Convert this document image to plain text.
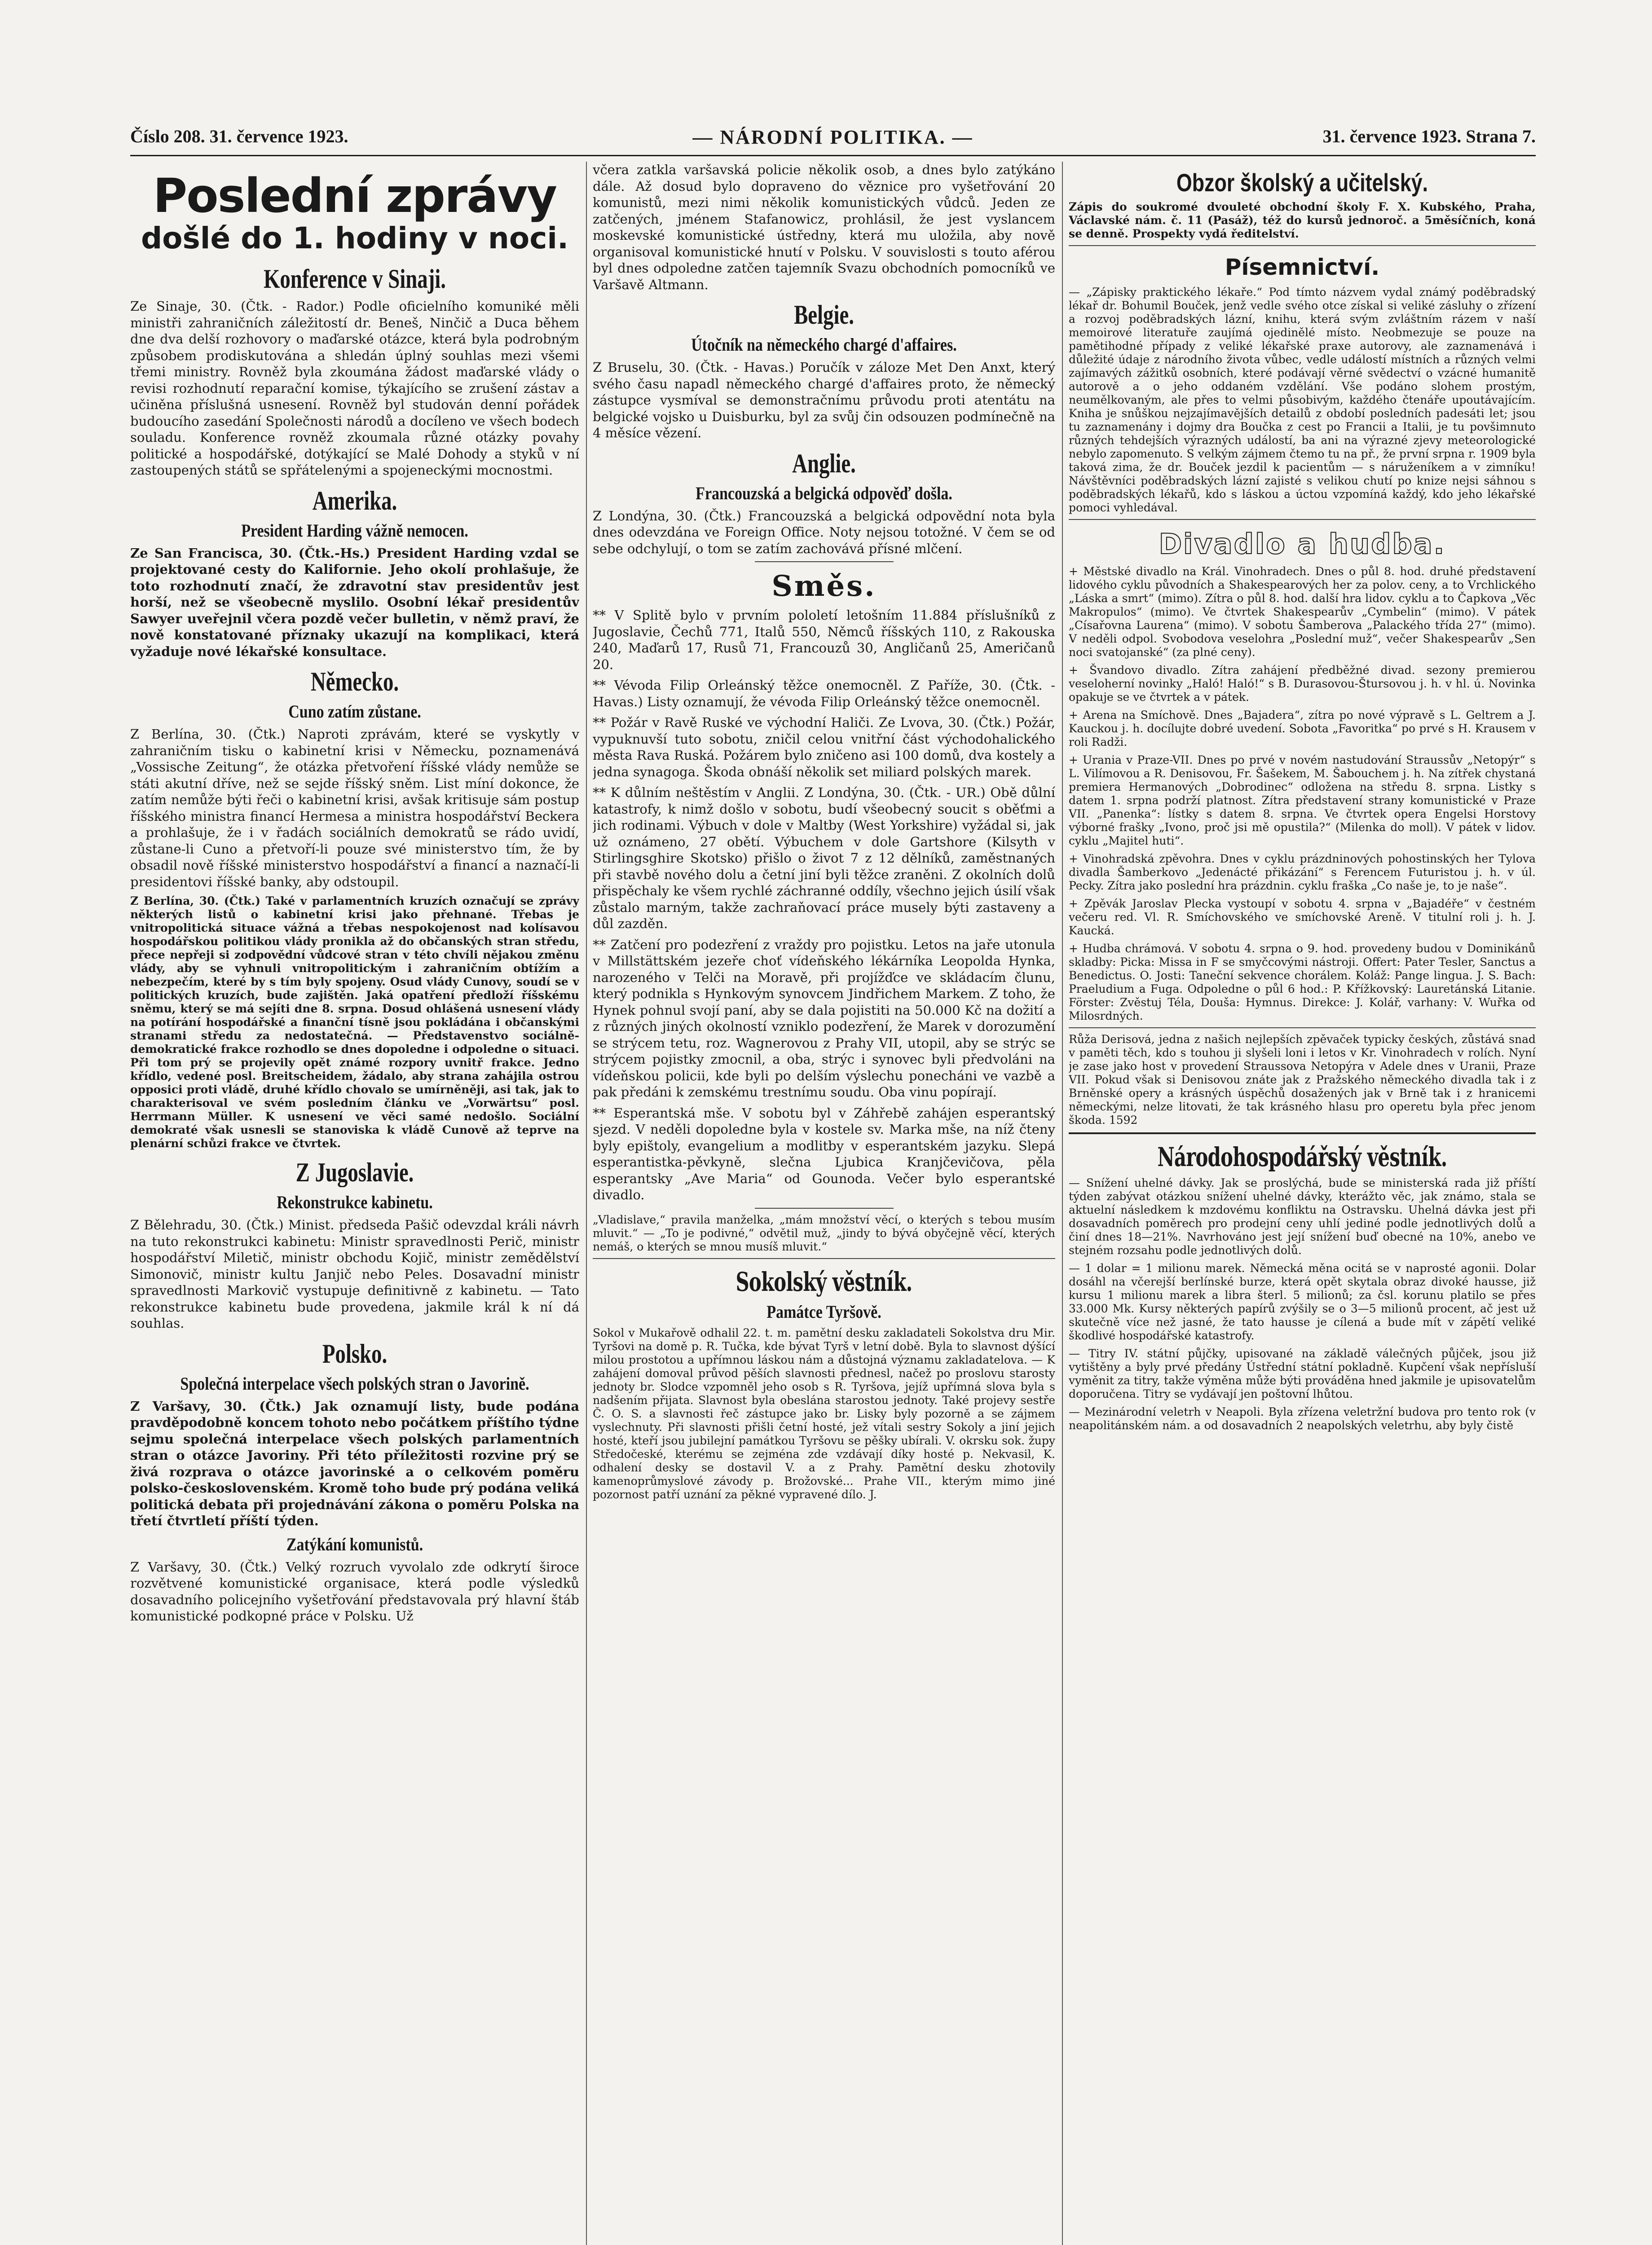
Číslo 208. 31. července 1923.	— NÁRODNÍ POLITIKA. —	31. července 1923. Strana 7.
Poslední zprávy
došlé do 1. hodiny v noci.
Konference v Sinaji.

Ze Sinaje, 30. (Čtk. - Rador.) Podle oficielního komuniké měli ministři zahraničních záležitostí dr. Beneš, Ninčič a Duca během dne dva delší rozhovory o maďarské otázce, která byla podrobným způsobem prodiskutována a shledán úplný souhlas mezi všemi třemi ministry. Rovněž byla zkoumána žádost maďarské vlády o revisi rozhodnutí reparační komise, týkajícího se zrušení zástav a učiněna příslušná usnesení. Rovněž byl studován denní pořádek budoucího zasedání Společnosti národů a docíleno ve všech bodech souladu. Konference rovněž zkoumala různé otázky povahy politické a hospodářské, dotýkající se Malé Dohody a styků v ní zastoupených států se spřátelenými a spojeneckými mocnostmi.

Amerika.
President Harding vážně nemocen.

Ze San Francisca, 30. (Čtk.-Hs.) President Harding vzdal se projektované cesty do Kalifornie. Jeho okolí prohlašuje, že toto rozhodnutí značí, že zdravotní stav presidentův jest horší, než se všeobecně myslilo. Osobní lékař presidentův Sawyer uveřejnil včera pozdě večer bulletin, v němž praví, že nově konstatované příznaky ukazují na komplikaci, která vyžaduje nové lékařské konsultace.

Německo.
Cuno zatím zůstane.

Z Berlína, 30. (Čtk.) Naproti zprávám, které se vyskytly v zahraničním tisku o kabinetní krisi v Německu, poznamenává „Vossische Zeitung“, že otázka přetvoření říšské vlády nemůže se státi akutní dříve, než se sejde říšský sněm. List míní dokonce, že zatím nemůže býti řeči o kabinetní krisi, avšak kritisuje sám postup říšského ministra financí Hermesa a ministra hospodářství Beckera a prohlašuje, že i v řadách sociálních demokratů se rádo uvidí, zůstane-li Cuno a přetvoří-li pouze své ministerstvo tím, že by obsadil nově říšské ministerstvo hospodářství a financí a naznačí-li presidentovi říšské banky, aby odstoupil.

Z Berlína, 30. (Čtk.) Také v parlamentních kruzích označují se zprávy některých listů o kabinetní krisi jako přehnané. Třebas je vnitropolitická situace vážná a třebas nespokojenost nad kolísavou hospodářskou politikou vlády pronikla až do občanských stran středu, přece nepřeji si zodpovědní vůdcové stran v této chvíli nějakou změnu vlády, aby se vyhnuli vnitropolitickým i zahraničním obtížím a nebezpečím, které by s tím byly spojeny. Osud vlády Cunovy, soudí se v politických kruzích, bude zajištěn. Jaká opatření předloží říšskému sněmu, který se má sejíti dne 8. srpna. Dosud ohlášená usnesení vlády na potírání hospodářské a finanční tísně jsou pokládána i občanskými stranami středu za nedostatečná. — Představenstvo sociálně-demokratické frakce rozhodlo se dnes dopoledne i odpoledne o situaci. Při tom prý se projevily opět známé rozpory uvnitř frakce. Jedno křídlo, vedené posl. Breitscheidem, žádalo, aby strana zahájila ostrou opposici proti vládě, druhé křídlo chovalo se umírněněji, asi tak, jak to charakterisoval ve svém posledním článku ve „Vorwärtsu“ posl. Herrmann Müller. K usnesení ve věci samé nedošlo. Sociální demokraté však usnesli se stanoviska k vládě Cunově až teprve na plenární schůzi frakce ve čtvrtek.

Z Jugoslavie.
Rekonstrukce kabinetu.

Z Bělehradu, 30. (Čtk.) Minist. předseda Pašič odevzdal králi návrh na tuto rekonstrukci kabinetu: Ministr spravedlnosti Perič, ministr hospodářství Miletič, ministr obchodu Kojič, ministr zemědělství Simonovič, ministr kultu Janjič nebo Peles. Dosavadní ministr spravedlnosti Markovič vystupuje definitivně z kabinetu. — Tato rekonstrukce kabinetu bude provedena, jakmile král k ní dá souhlas.

Polsko.
Společná interpelace všech polských stran o Javorině.

Z Varšavy, 30. (Čtk.) Jak oznamují listy, bude podána pravděpodobně koncem tohoto nebo počátkem příštího týdne sejmu společná interpelace všech polských parlamentních stran o otázce Javoriny. Při této příležitosti rozvine prý se živá rozprava o otázce javorinské a o celkovém poměru polsko-československém. Kromě toho bude prý podána veliká politická debata při projednávání zákona o poměru Polska na třetí čtvrtletí příští týden.

Zatýkání komunistů.

Z Varšavy, 30. (Čtk.) Velký rozruch vyvolalo zde odkrytí široce rozvětvené komunistické organisace, která podle výsledků dosavadního policejního vyšetřování představovala prý hlavní štáb komunistické podkopné práce v Polsku. Už

včera zatkla varšavská policie několik osob, a dnes bylo zatýkáno dále. Až dosud bylo dopraveno do věznice pro vyšetřování 20 komunistů, mezi nimi několik komunistických vůdců. Jeden ze zatčených, jménem Stafanowicz, prohlásil, že jest vyslancem moskevské komunistické ústředny, která mu uložila, aby nově organisoval komunistické hnutí v Polsku. V souvislosti s touto aférou byl dnes odpoledne zatčen tajemník Svazu obchodních pomocníků ve Varšavě Altmann.

Belgie.
Útočník na německého chargé d'affaires.

Z Bruselu, 30. (Čtk. - Havas.) Poručík v záloze Met Den Anxt, který svého času napadl německého chargé d'affaires proto, že německý zástupce vysmíval se demonstračnímu průvodu proti atentátu na belgické vojsko u Duisburku, byl za svůj čin odsouzen podmínečně na 4 měsíce vězení.

Anglie.
Francouzská a belgická odpověď došla.

Z Londýna, 30. (Čtk.) Francouzská a belgická odpovědní nota byla dnes odevzdána ve Foreign Office. Noty nejsou totožné. V čem se od sebe odchylují, o tom se zatím zachovává přísné mlčení.

Směs.

** V Splitě bylo v prvním pololetí letošním 11.884 příslušníků z Jugoslavie, Čechů 771, Italů 550, Němců říšských 110, z Rakouska 240, Maďarů 17, Rusů 71, Francouzů 30, Angličanů 25, Američanů 20.

** Vévoda Filip Orleánský těžce onemocněl. Z Paříže, 30. (Čtk. - Havas.) Listy oznamují, že vévoda Filip Orleánský těžce onemocněl.

** Požár v Ravě Ruské ve východní Haliči. Ze Lvova, 30. (Čtk.) Požár, vypuknuvší tuto sobotu, zničil celou vnitřní část východohalického města Rava Ruská. Požárem bylo zničeno asi 100 domů, dva kostely a jedna synagoga. Škoda obnáší několik set miliard polských marek.

** K důlním neštěstím v Anglii. Z Londýna, 30. (Čtk. - UR.) Obě důlní katastrofy, k nimž došlo v sobotu, budí všeobecný soucit s oběťmi a jich rodinami. Výbuch v dole v Maltby (West Yorkshire) vyžádal si, jak už oznámeno, 27 obětí. Výbuchem v dole Gartshore (Kilsyth v Stirlingsghire Skotsko) přišlo o život 7 z 12 dělníků, zaměstnaných při stavbě nového dolu a četní jiní byli těžce zraněni. Z okolních dolů přispěchaly ke všem rychlé záchranné oddíly, všechno jejich úsilí však zůstalo marným, takže zachraňovací práce musely býti zastaveny a důl zazděn.

** Zatčení pro podezření z vraždy pro pojistku. Letos na jaře utonula v Millstättském jezeře choť vídeňského lékárníka Leopolda Hynka, narozeného v Telči na Moravě, při projížďce ve skládacím člunu, který podnikla s Hynkovým synovcem Jindřichem Markem. Z toho, že Hynek pohnul svojí paní, aby se dala pojistiti na 50.000 Kč na dožití a z různých jiných okolností vzniklo podezření, že Marek v dorozumění se strýcem tetu, roz. Wagnerovou z Prahy VII, utopil, aby se strýc se strýcem pojistky zmocnil, a oba, strýc i synovec byli předvoláni na vídeňskou policii, kde byli po delším výslechu ponecháni ve vazbě a pak předáni k zemskému trestnímu soudu. Oba vinu popírají.

** Esperantská mše. V sobotu byl v Záhřebě zahájen esperantský sjezd. V neděli dopoledne byla v kostele sv. Marka mše, na níž čteny byly epištoly, evangelium a modlitby v esperantském jazyku. Slepá esperantistka-pěvkyně, slečna Ljubica Kranjčevičova, pěla esperantsky „Ave Maria“ od Gounoda. Večer bylo esperantské divadlo.

„Vladislave,“ pravila manželka, „mám množství věcí, o kterých s tebou musím mluvit.“ — „To je podivné,“ odvětil muž, „jindy to bývá obyčejně věcí, kterých nemáš, o kterých se mnou musíš mluvit.“

Sokolský věstník.
Památce Tyršově.

Sokol v Mukařově odhalil 22. t. m. pamětní desku zakladateli Sokolstva dru Mir. Tyršovi na domě p. R. Tučka, kde bývat Tyrš v letní době. Byla to slavnost dýšící milou prostotou a upřímnou láskou nám a důstojná významu zakladatelova. — K zahájení domoval průvod pěších slavnosti přednesl, načež po proslovu starosty jednoty br. Slodce vzpomněl jeho osob s R. Tyršova, jejíž upřímná slova byla s nadšením přijata. Slavnost byla obeslána starostou jednoty. Také projevy sestře Č. O. S. a slavnosti řeč zástupce jako br. Lisky byly pozorně a se zájmem vyslechnuty. Při slavnosti přišli četní hosté, jež vítali sestry Sokoly a jiní jejich hosté, kteří jsou jubilejní památkou Tyršovu se pěšky ubírali. V. okrsku sok. župy Středočeské, kterému se zejména zde vzdávají díky hosté p. Nekvasil, K. odhalení desky se dostavil V. a z Prahy. Pamětní desku zhotovily kamenoprůmyslové závody p. Brožovské... Prahe VII., kterým mimo jiné pozornost patří uznání za pěkné vypravené dílo. J.

Obzor školský a učitelský.

Zápis do soukromé dvouleté obchodní školy F. X. Kubského, Praha, Václavské nám. č. 11 (Pasáž), též do kursů jednoroč. a 5měsíčních, koná se denně. Prospekty vydá ředitelství.

Písemnictví.

— „Zápisky praktického lékaře.“ Pod tímto názvem vydal známý poděbradský lékař dr. Bohumil Bouček, jenž vedle svého otce získal si veliké zásluhy o zřízení a rozvoj poděbradských lázní, knihu, která svým zvláštním rázem v naší memoirové literatuře zaujímá ojedinělé místo. Neobmezuje se pouze na pamětihodné případy z veliké lékařské praxe autorovy, ale zaznamenává i důležité údaje z národního života vůbec, vedle událostí místních a různých velmi zajímavých zážitků osobních, které podávají věrné svědectví o vzácné humanitě autorově a o jeho oddaném vzdělání. Vše podáno slohem prostým, neumělkovaným, ale přes to velmi působivým, každého čtenáře upoutávajícím. Kniha je snůškou nejzajímavějších detailů z období posledních padesáti let; jsou tu zaznamenány i dojmy dra Boučka z cest po Francii a Italii, je tu povšimnuto různých tehdejších výrazných událostí, ba ani na výrazné zjevy meteorologické nebylo zapomenuto. S velkým zájmem čtemo tu na př., že první srpna r. 1909 byla taková zima, že dr. Bouček jezdil k pacientům — s náruženíkem a v zimníku! Návštěvníci poděbradských lázní zajisté s velikou chutí po knize nejsi sáhnou s poděbradských lékařů, kdo s láskou a úctou vzpomíná každý, kdo jeho lékařské pomoci vyhledával.

Divadlo a hudba.

+ Městské divadlo na Král. Vinohradech. Dnes o půl 8. hod. druhé představení lidového cyklu původních a Shakespearových her za polov. ceny, a to Vrchlického „Láska a smrt“ (mimo). Zítra o půl 8. hod. další hra lidov. cyklu a to Čapkova „Věc Makropulos“ (mimo). Ve čtvrtek Shakespearův „Cymbelin“ (mimo). V pátek „Císařovna Laurena“ (mimo). V sobotu Šamberova „Palackého třída 27“ (mimo). V neděli odpol. Svobodova veselohra „Poslední muž“, večer Shakespearův „Sen noci svatojanské“ (za plné ceny).

+ Švandovo divadlo. Zítra zahájení předběžné divad. sezony premierou veseloherní novinky „Haló! Haló!“ s B. Durasovou-Štursovou j. h. v hl. ú. Novinka opakuje se ve čtvrtek a v pátek.

+ Arena na Smíchově. Dnes „Bajadera“, zítra po nové výpravě s L. Geltrem a J. Kauckou j. h. docílujte dobré uvedení. Sobota „Favoritka“ po prvé s H. Krausem v roli Radži.

+ Urania v Praze-VII. Dnes po prvé v novém nastudování Straussův „Netopýr“ s L. Vilímovou a R. Denisovou, Fr. Šašekem, M. Šabouchem j. h. Na zítřek chystaná premiera Hermanových „Dobrodinec“ odložena na středu 8. srpna. Listky s datem 1. srpna podrží platnost. Zítra představení strany komunistické v Praze VII. „Panenka“: lístky s datem 8. srpna. Ve čtvrtek opera Engelsi Horstovy výborné frašky „Ivono, proč jsi mě opustila?“ (Milenka do moll). V pátek v lidov. cyklu „Majitel huti“.

+ Vinohradská zpěvohra. Dnes v cyklu prázdninových pohostinských her Tylova divadla Šamberkovo „Jedenácté přikázání“ s Ferencem Futuristou j. h. v úl. Pecky. Zítra jako poslední hra prázdnin. cyklu fraška „Co naše je, to je naše“.

+ Zpěvák Jaroslav Plecka vystoupí v sobotu 4. srpna v „Bajadéře“ v čestném večeru red. Vl. R. Smíchovského ve smíchovské Areně. V titulní roli j. h. J. Kaucká.

+ Hudba chrámová. V sobotu 4. srpna o 9. hod. provedeny budou v Dominikánů skladby: Picka: Missa in F se smyčcovými nástroji. Offert: Pater Tesler, Sanctus a Benedictus. O. Josti: Taneční sekvence chorálem. Koláž: Pange lingua. J. S. Bach: Praeludium a Fuga. Odpoledne o půl 6 hod.: P. Křížkovský: Lauretánská Litanie. Förster: Zvěstuj Téla, Douša: Hymnus. Direkce: J. Kolář, varhany: V. Wuřka od Milosrdných.

Růža Derisová, jedna z našich nejlepších zpěvaček typicky českých, zůstává snad v paměti těch, kdo s touhou ji slyšeli loni i letos v Kr. Vinohradech v rolích. Nyní je zase jako host v provedení Straussova Netopýra v Adele dnes v Uranii, Praze VII. Pokud však si Denisovou znáte jak z Pražského německého divadla tak i z Brněnské opery a krásných úspěchů dosažených jak v Brně tak i z hranicemi německými, nelze litovati, že tak krásného hlasu pro operetu byla přec jenom škoda. 1592

Národohospodářský věstník.

— Snížení uhelné dávky. Jak se proslýchá, bude se ministerská rada již příští týden zabývat otázkou snížení uhelné dávky, kterážto věc, jak známo, stala se aktuelní následkem k mzdovému konfliktu na Ostravsku. Uhelná dávka jest při dosavadních poměrech pro prodejní ceny uhlí jediné podle jednotlivých dolů a činí dnes 18—21%. Navrhováno jest její snížení buď obecné na 10%, anebo ve stejném rozsahu podle jednotlivých dolů.

— 1 dolar = 1 milionu marek. Německá měna ocitá se v naprosté agonii. Dolar dosáhl na včerejší berlínské burze, která opět skytala obraz divoké hausse, již kursu 1 milionu marek a libra šterl. 5 milionů; za čsl. korunu platilo se přes 33.000 Mk. Kursy některých papírů zvýšily se o 3—5 milionů procent, ač jest už skutečně více než jasné, že tato hausse je cílená a bude mít v zápětí veliké škodlivé hospodářské katastrofy.

— Titry IV. státní půjčky, upisované na základě válečných půjček, jsou již vytištěny a byly prvé předány Ústřední státní pokladně. Kupčení však nepřísluší vyměnit za titry, takže výměna může býti prováděna hned jakmile je upisovatelům doporučena. Titry se vydávají jen poštovní lhůtou.

— Mezinárodní veletrh v Neapoli. Byla zřízena veletržní budova pro tento rok (v neapolitánském nám. a od dosavadních 2 neapolských veletrhu, aby byly čistě
